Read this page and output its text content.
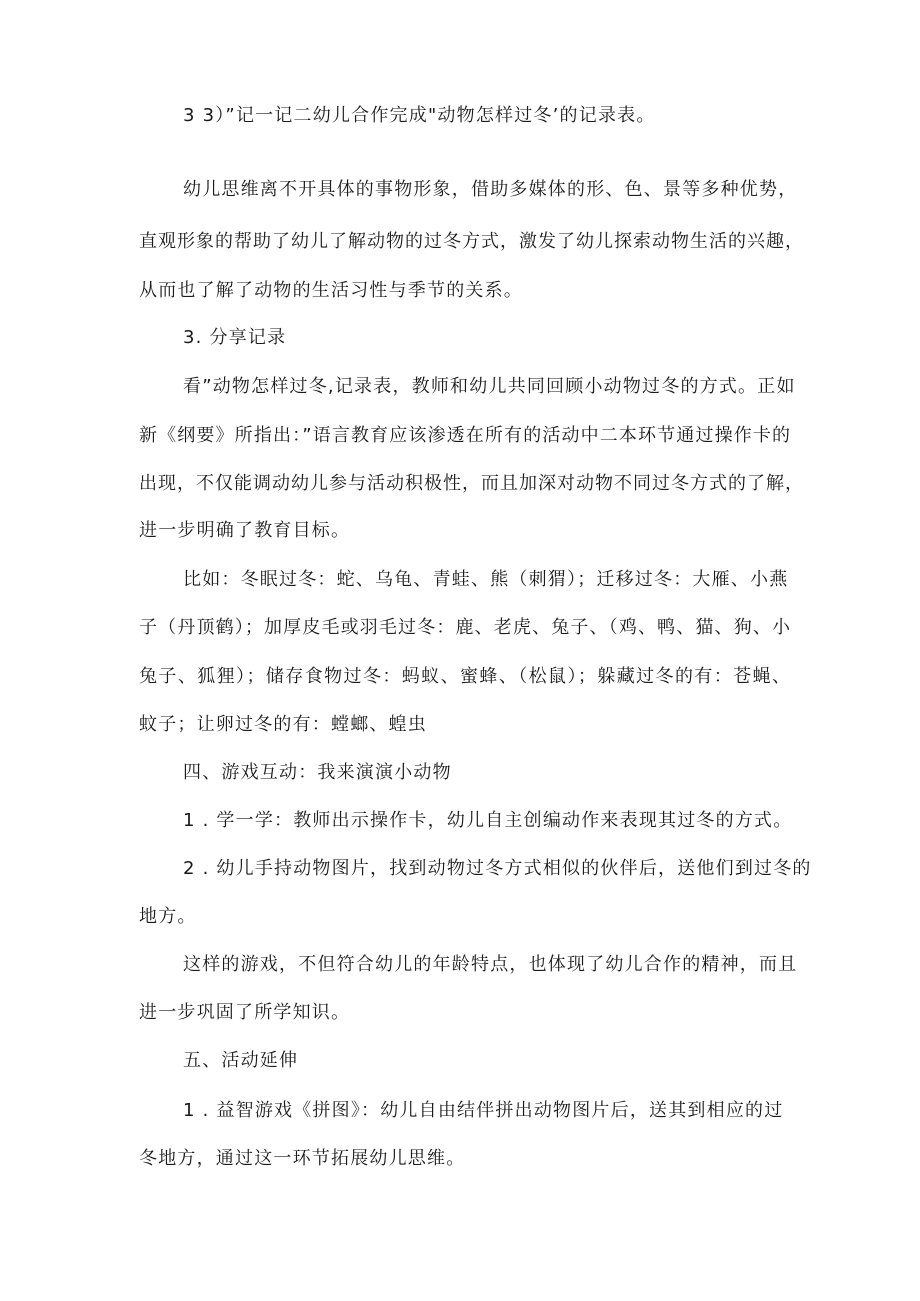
3 3）”记一记二幼儿合作完成"动物怎样过冬’的记录表。
幼儿思维离不开具体的事物形象，借助多媒体的形、色、景等多种优势，
直观形象的帮助了幼儿了解动物的过冬方式，激发了幼儿探索动物生活的兴趣，
从而也了解了动物的生活习性与季节的关系。
3. 分享记录
看”动物怎样过冬,记录表，教师和幼儿共同回顾小动物过冬的方式。正如
新《纲要》所指出：”语言教育应该渗透在所有的活动中二本环节通过操作卡的
出现，不仅能调动幼儿参与活动积极性，而且加深对动物不同过冬方式的了解，
进一步明确了教育目标。
比如：冬眠过冬：蛇、乌龟、青蛙、熊（刺猬）；迁移过冬：大雁、小燕
子（丹顶鹤）；加厚皮毛或羽毛过冬：鹿、老虎、兔子、（鸡、鸭、猫、狗、小
兔子、狐狸）；储存食物过冬：蚂蚁、蜜蜂、（松鼠）；躲藏过冬的有：苍蝇、
蚊子；让卵过冬的有：螳螂、蝗虫
四、游戏互动：我来演演小动物
1 . 学一学：教师出示操作卡，幼儿自主创编动作来表现其过冬的方式。
2 . 幼儿手持动物图片，找到动物过冬方式相似的伙伴后，送他们到过冬的
地方。
这样的游戏，不但符合幼儿的年龄特点，也体现了幼儿合作的精神，而且
进一步巩固了所学知识。
五、活动延伸
1 . 益智游戏《拼图》：幼儿自由结伴拼出动物图片后，送其到相应的过
冬地方，通过这一环节拓展幼儿思维。
